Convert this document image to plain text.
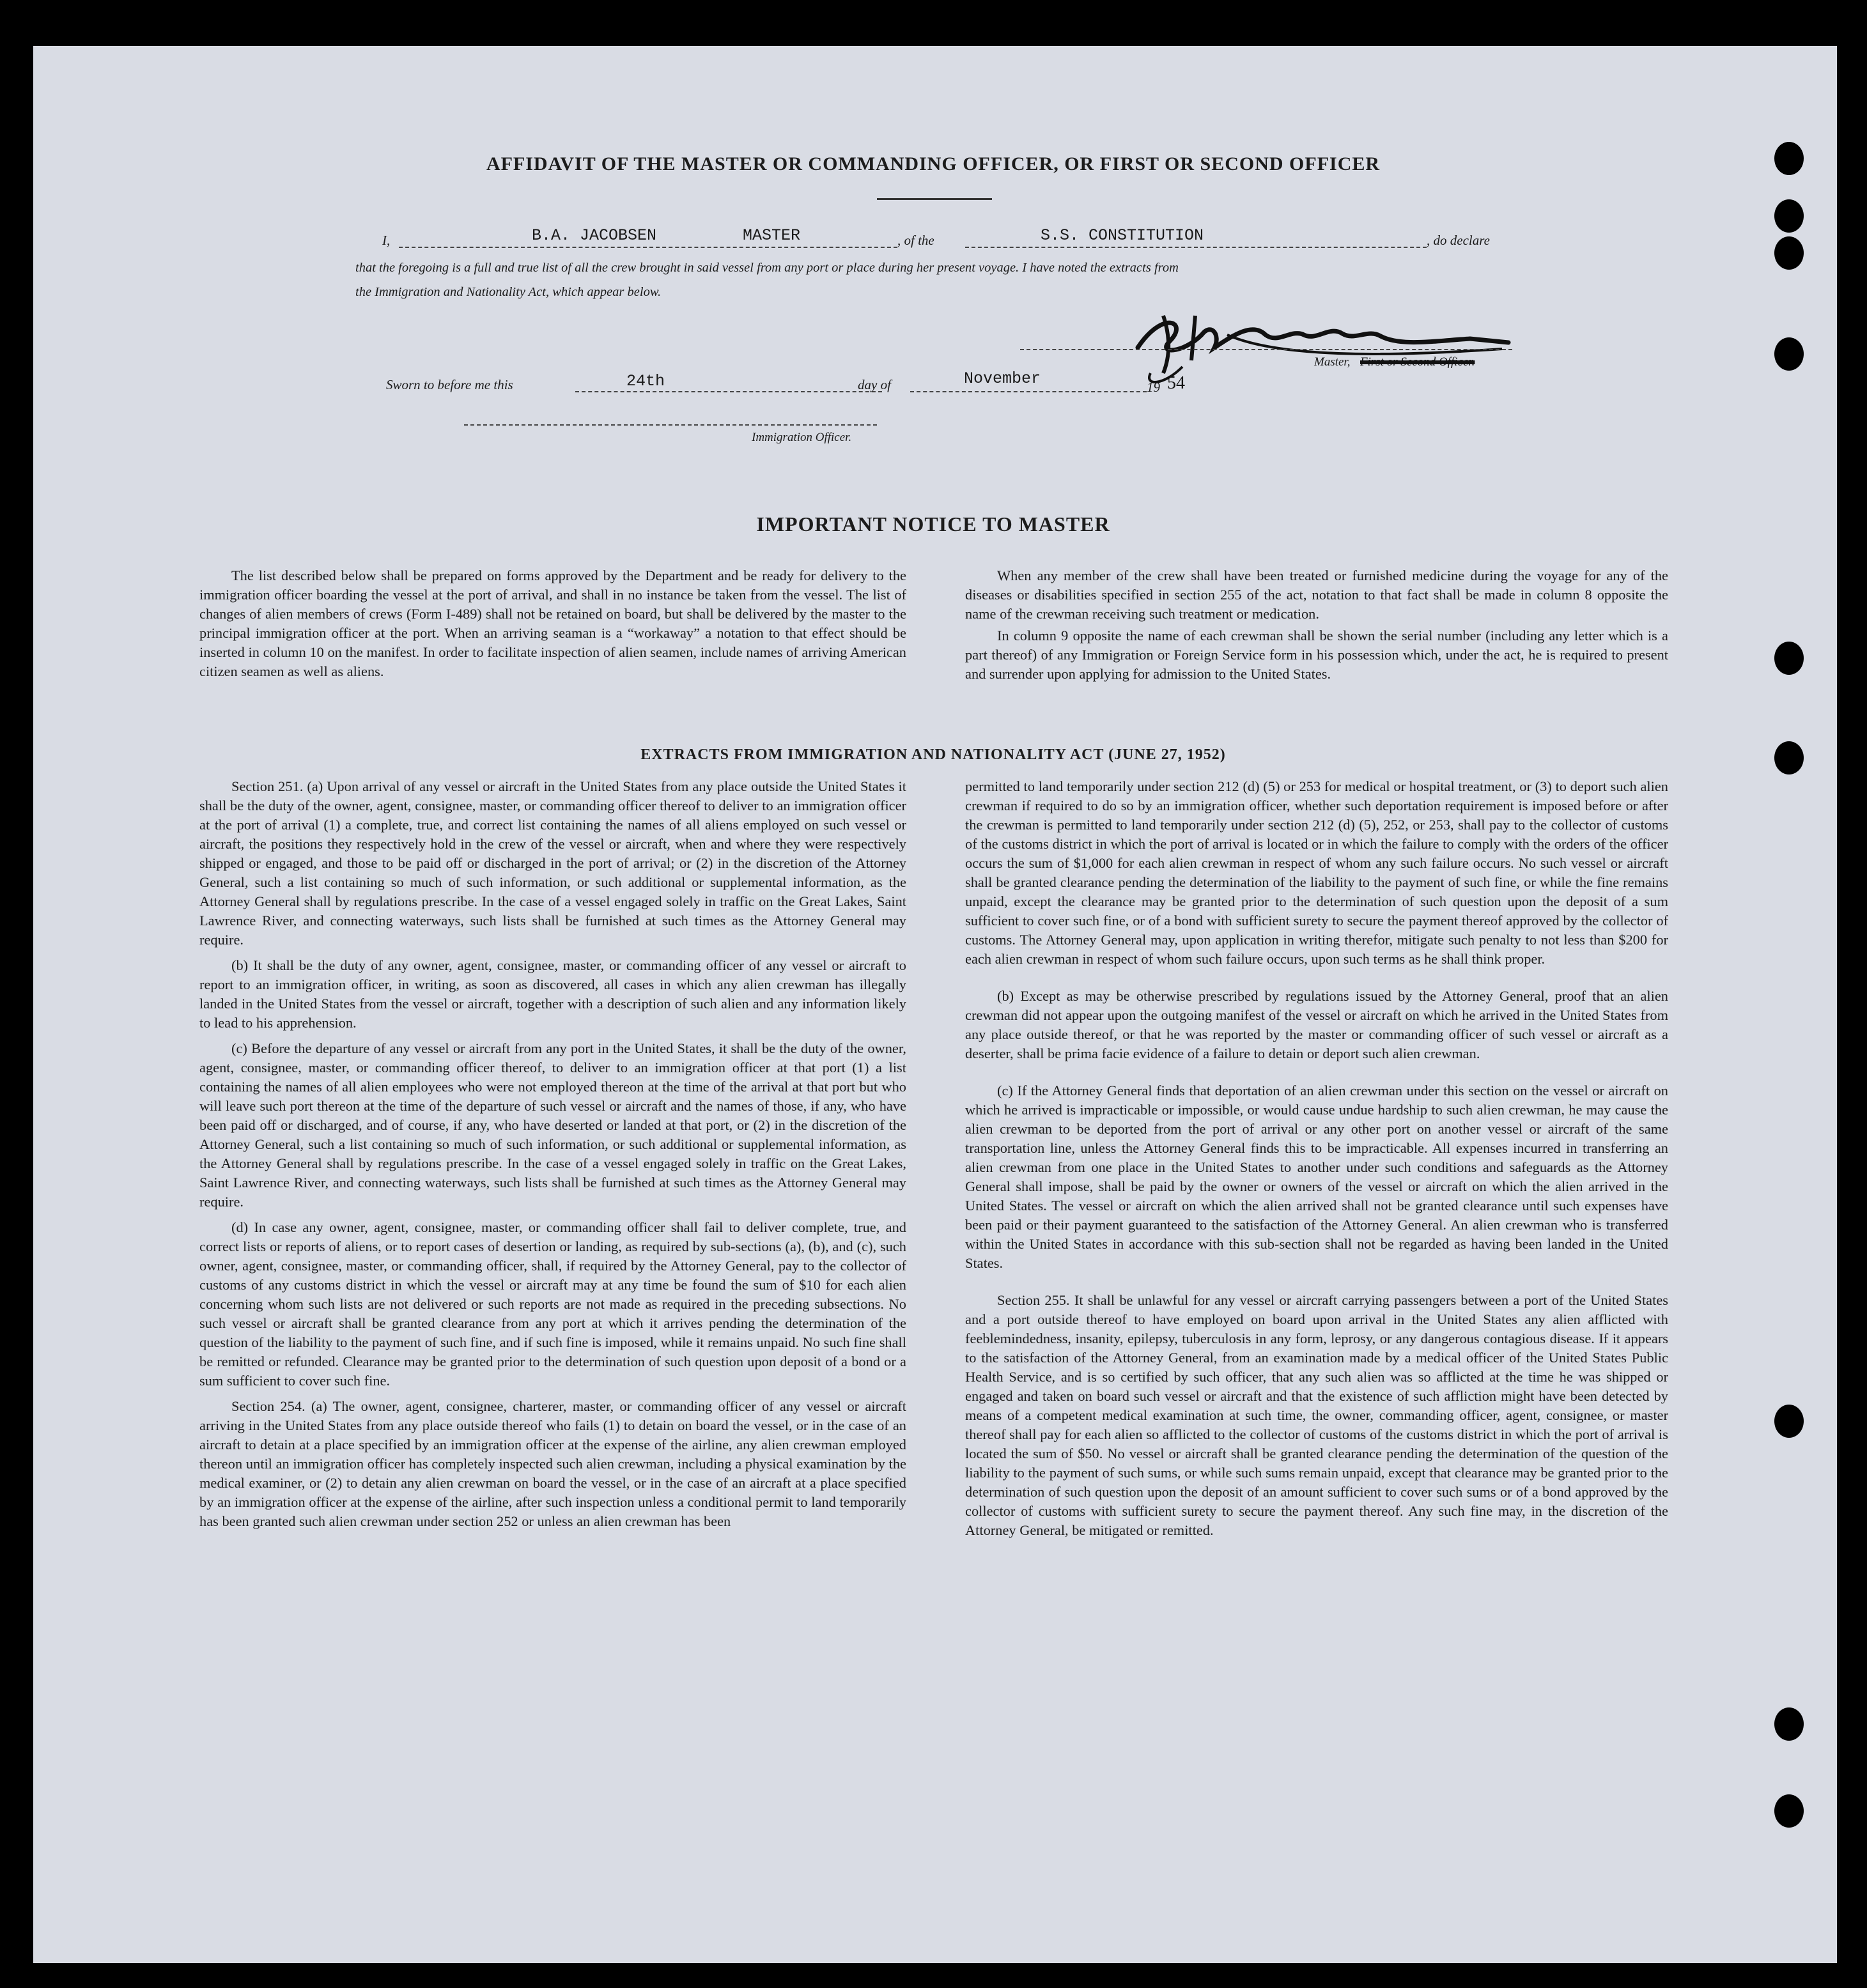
AFFIDAVIT OF THE MASTER OR COMMANDING OFFICER, OR FIRST OR SECOND OFFICER
I,	B.A. JACOBSEN	MASTER	, of the	S.S. CONSTITUTION	, do declare
that the foregoing is a full and true list of all the crew brought in said vessel from any port or place during her present voyage. I have noted the extracts from
the Immigration and Nationality Act, which appear below.
Master, First or Second Officer.
Sworn to before me this	24th	day of	November	19 54
Immigration Officer.
IMPORTANT NOTICE TO MASTER

The list described below shall be prepared on forms approved by the Department and be ready for delivery to the immigration officer boarding the vessel at the port of arrival, and shall in no instance be taken from the vessel. The list of changes of alien members of crews (Form I-489) shall not be retained on board, but shall be delivered by the master to the principal immigration officer at the port. When an arriving seaman is a “workaway” a notation to that effect should be inserted in column 10 on the manifest. In order to facilitate inspection of alien seamen, include names of arriving American citizen seamen as well as aliens.

When any member of the crew shall have been treated or furnished medicine during the voyage for any of the diseases or disabilities specified in section 255 of the act, notation to that fact shall be made in column 8 opposite the name of the crewman receiving such treatment or medication.

In column 9 opposite the name of each crewman shall be shown the serial number (including any letter which is a part thereof) of any Immigration or Foreign Service form in his possession which, under the act, he is required to present and surrender upon applying for admission to the United States.

EXTRACTS FROM IMMIGRATION AND NATIONALITY ACT (JUNE 27, 1952)

Section 251. (a) Upon arrival of any vessel or aircraft in the United States from any place outside the United States it shall be the duty of the owner, agent, consignee, master, or commanding officer thereof to deliver to an immigration officer at the port of arrival (1) a complete, true, and correct list containing the names of all aliens employed on such vessel or aircraft, the positions they respectively hold in the crew of the vessel or aircraft, when and where they were respectively shipped or engaged, and those to be paid off or discharged in the port of arrival; or (2) in the discretion of the Attorney General, such a list containing so much of such information, or such additional or supplemental information, as the Attorney General shall by regulations prescribe. In the case of a vessel engaged solely in traffic on the Great Lakes, Saint Lawrence River, and connecting waterways, such lists shall be furnished at such times as the Attorney General may require.

(b) It shall be the duty of any owner, agent, consignee, master, or commanding officer of any vessel or aircraft to report to an immigration officer, in writing, as soon as discovered, all cases in which any alien crewman has illegally landed in the United States from the vessel or aircraft, together with a description of such alien and any information likely to lead to his apprehension.

(c) Before the departure of any vessel or aircraft from any port in the United States, it shall be the duty of the owner, agent, consignee, master, or commanding officer thereof, to deliver to an immigration officer at that port (1) a list containing the names of all alien employees who were not employed thereon at the time of the arrival at that port but who will leave such port thereon at the time of the departure of such vessel or aircraft and the names of those, if any, who have been paid off or discharged, and of course, if any, who have deserted or landed at that port, or (2) in the discretion of the Attorney General, such a list containing so much of such information, or such additional or supplemental information, as the Attorney General shall by regulations prescribe. In the case of a vessel engaged solely in traffic on the Great Lakes, Saint Lawrence River, and connecting waterways, such lists shall be furnished at such times as the Attorney General may require.

(d) In case any owner, agent, consignee, master, or commanding officer shall fail to deliver complete, true, and correct lists or reports of aliens, or to report cases of desertion or landing, as required by sub-sections (a), (b), and (c), such owner, agent, consignee, master, or commanding officer, shall, if required by the Attorney General, pay to the collector of customs of any customs district in which the vessel or aircraft may at any time be found the sum of $10 for each alien concerning whom such lists are not delivered or such reports are not made as required in the preceding subsections. No such vessel or aircraft shall be granted clearance from any port at which it arrives pending the determination of the question of the liability to the payment of such fine, and if such fine is imposed, while it remains unpaid. No such fine shall be remitted or refunded. Clearance may be granted prior to the determination of such question upon deposit of a bond or a sum sufficient to cover such fine.

Section 254. (a) The owner, agent, consignee, charterer, master, or commanding officer of any vessel or aircraft arriving in the United States from any place outside thereof who fails (1) to detain on board the vessel, or in the case of an aircraft to detain at a place specified by an immigration officer at the expense of the airline, any alien crewman employed thereon until an immigration officer has completely inspected such alien crewman, including a physical examination by the medical examiner, or (2) to detain any alien crewman on board the vessel, or in the case of an aircraft at a place specified by an immigration officer at the expense of the airline, after such inspection unless a conditional permit to land temporarily has been granted such alien crewman under section 252 or unless an alien crewman has been

permitted to land temporarily under section 212 (d) (5) or 253 for medical or hospital treatment, or (3) to deport such alien crewman if required to do so by an immigration officer, whether such deportation requirement is imposed before or after the crewman is permitted to land temporarily under section 212 (d) (5), 252, or 253, shall pay to the collector of customs of the customs district in which the port of arrival is located or in which the failure to comply with the orders of the officer occurs the sum of $1,000 for each alien crewman in respect of whom any such failure occurs. No such vessel or aircraft shall be granted clearance pending the determination of the liability to the payment of such fine, or while the fine remains unpaid, except the clearance may be granted prior to the determination of such question upon the deposit of a sum sufficient to cover such fine, or of a bond with sufficient surety to secure the payment thereof approved by the collector of customs. The Attorney General may, upon application in writing therefor, mitigate such penalty to not less than $200 for each alien crewman in respect of whom such failure occurs, upon such terms as he shall think proper.

(b) Except as may be otherwise prescribed by regulations issued by the Attorney General, proof that an alien crewman did not appear upon the outgoing manifest of the vessel or aircraft on which he arrived in the United States from any place outside thereof, or that he was reported by the master or commanding officer of such vessel or aircraft as a deserter, shall be prima facie evidence of a failure to detain or deport such alien crewman.

(c) If the Attorney General finds that deportation of an alien crewman under this section on the vessel or aircraft on which he arrived is impracticable or impossible, or would cause undue hardship to such alien crewman, he may cause the alien crewman to be deported from the port of arrival or any other port on another vessel or aircraft of the same transportation line, unless the Attorney General finds this to be impracticable. All expenses incurred in transferring an alien crewman from one place in the United States to another under such conditions and safeguards as the Attorney General shall impose, shall be paid by the owner or owners of the vessel or aircraft on which the alien arrived in the United States. The vessel or aircraft on which the alien arrived shall not be granted clearance until such expenses have been paid or their payment guaranteed to the satisfaction of the Attorney General. An alien crewman who is transferred within the United States in accordance with this sub-section shall not be regarded as having been landed in the United States.

Section 255. It shall be unlawful for any vessel or aircraft carrying passengers between a port of the United States and a port outside thereof to have employed on board upon arrival in the United States any alien afflicted with feeblemindedness, insanity, epilepsy, tuberculosis in any form, leprosy, or any dangerous contagious disease. If it appears to the satisfaction of the Attorney General, from an examination made by a medical officer of the United States Public Health Service, and is so certified by such officer, that any such alien was so afflicted at the time he was shipped or engaged and taken on board such vessel or aircraft and that the existence of such affliction might have been detected by means of a competent medical examination at such time, the owner, commanding officer, agent, consignee, or master thereof shall pay for each alien so afflicted to the collector of customs of the customs district in which the port of arrival is located the sum of $50. No vessel or aircraft shall be granted clearance pending the determination of the question of the liability to the payment of such sums, or while such sums remain unpaid, except that clearance may be granted prior to the determination of such question upon the deposit of an amount sufficient to cover such sums or of a bond approved by the collector of customs with sufficient surety to secure the payment thereof. Any such fine may, in the discretion of the Attorney General, be mitigated or remitted.
